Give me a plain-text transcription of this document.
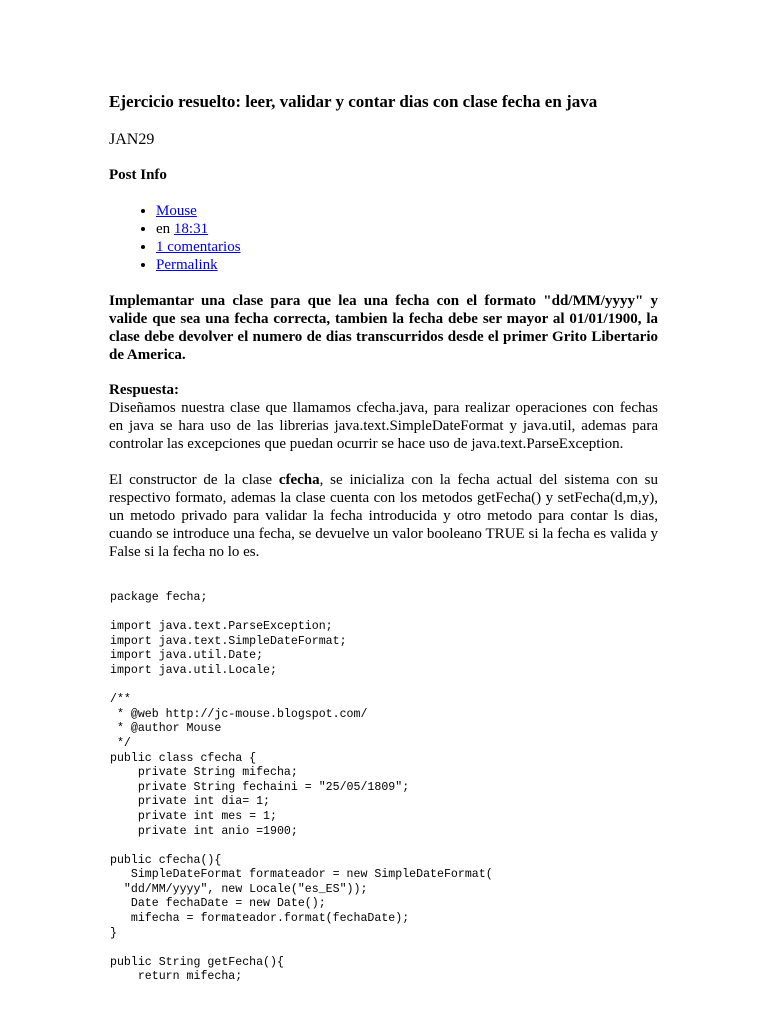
Ejercicio resuelto: leer, validar y contar dias con clase fecha en java

JAN29

Post Info

• Mouse
• en 18:31
• 1 comentarios
• Permalink

Implemantar una clase para que lea una fecha con el formato "dd/MM/yyyy" y valide que sea una fecha correcta, tambien la fecha debe ser mayor al 01/01/1900, la clase debe devolver el numero de dias transcurridos desde el primer Grito Libertario de America.

Respuesta:

Diseñamos nuestra clase que llamamos cfecha.java, para realizar operaciones con fechas en java se hara uso de las librerias java.text.SimpleDateFormat y java.util, ademas para controlar las excepciones que puedan ocurrir se hace uso de java.text.ParseException.

El constructor de la clase cfecha, se inicializa con la fecha actual del sistema con su respectivo formato, ademas la clase cuenta con los metodos getFecha() y setFecha(d,m,y), un metodo privado para validar la fecha introducida y otro metodo para contar ls dias, cuando se introduce una fecha, se devuelve un valor booleano TRUE si la fecha es valida y False si la fecha no lo es.

package fecha;

import java.text.ParseException;
import java.text.SimpleDateFormat;
import java.util.Date;
import java.util.Locale;

/**
* @web http://jc-mouse.blogspot.com/
* @author Mouse
*/
public class cfecha {
private String mifecha;
private String fechaini = "25/05/1809";
private int dia= 1;
private int mes = 1;
private int anio =1900;

public cfecha(){
SimpleDateFormat formateador = new SimpleDateFormat(
"dd/MM/yyyy", new Locale("es_ES"));
Date fechaDate = new Date();
mifecha = formateador.format(fechaDate);
}

public String getFecha(){
return mifecha;
